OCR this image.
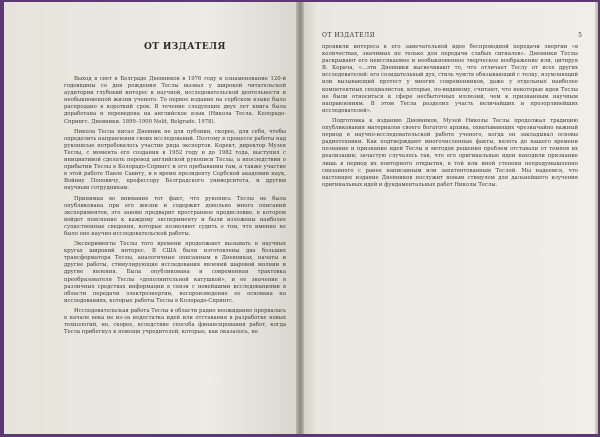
ОТ ИЗДАТЕЛЯ

Выход в свет в Белграде Дневников в 1976 году в ознаменование 120-й годовщины со дня рождения Теслы вызвал у широкой читательской аудитории глубокий интерес к научной, исследовательской деятельности и необыкновенной жизни ученого. То первое издание на сербском языке было распродано в короткий срок. В течение следующих двух лет книга была доработана и переведена на английское язык (Никола Тесла. Колорадо-Спрингс. Дневники. 1899–1900 Nolit, Belgrade. 1978).

Никола Тесла писал Дневник не для публики, скорее, для себя, чтобы определить направления своих исследований. Поэтому в процессе работы над рукописью потребовалось участие ряда экспертов. Корект, директор Музея Теслы, с момента его создания в 1952 году и до 1982 года, выступил с инициативой сделать перевод английской рукописи Теслы, а впоследствии о прибытии Теслы в Колорадо-Спрингс и его пребывании там, а также участие в этой работе Павле Савиту, и в время президенту Сербской академии наук, Войину Поповичу, профессору Белградского университета, и другим научным сотрудникам.

Принимая во внимание тот факт, что рукопись Теслы не была опубликована при его жизни и содержит довольно много описаний экспериментов, это заново предварит пространное предисловие, в котором войдет пояснение к каждому эксперименту и были изложены наиболее существенные сведения, которые позволяют судить о том, что именно не было оно научно-исследовательской работы.

Эксперименты Теслы того времени продолжают вызывать в научных кругах широкий интерес. В США были изготовлены два больших трансформатора Теслы, аналогичные описанным в Дневниках, начаты и другие работы, стимулирующие исследования явлений шаровой молнии и другие явления. Была опубликована и современная трактовка преобразователя Теслы «дополнительной катушкой», и ее значение в различных средствах информации в связи с новейшими исследованиями в области передачи электроэнергии, воспроизведение ее основана на исследованиях, которые работы Теслы в Колорадо-Спрингс.

Исследовательская работа Теслы в области радио неожиданно прервалась в начале века не из-за недостатка идей или отставания в разработке новых технологий, но, скорее, вследствие способа финансирования работ, когда Тесла прибегнул к помощи учредителей, которые, как оказалось, не

ОТ ИЗДАТЕЛЯ	5

проявили интереса к его замечательной идее беспроводной передачи энергии «в количествах, значимых не только для передачи слабых сигналов». Дневники Теслы раскрывают его неиссякаемое и необыкновенное творческое воображение или, цитируя В. Корача, «...эти Дневники высвечивают то, что отличает Теслу от всех других исследователей: его созидательный дух, стиль чувств обязывающий с толку, изумляющий или вызывающий протест у многих современников, даже у отдельных наиболее компетентных специалистов, которые, по-видимому, считают, что некоторые идеи Теслы не были относиться к сфере несбыточных иллюзий, чем к признанным научным направлениям. В этом Тесла разделил участь величайших и прозорливейших исследователей».

Подготовка к изданию Дневников, Музей Николы Теслы продолжал традицию опубликования материалов своего богатого архива, охватывающих чрезвычайно важный период в научно-исследовательской работе ученого, когда он закладывал основы радиотехники. Как подтверждают многочисленные факты, вплоть до нашего времени познание и признание идей Теслы и методов решения проблем отставали от темпов их реализации; зачастую случалось так, что его оригинальные идеи находили признание лишь в период их повторного открытия, в той или иной степени непредумышленно связанного с ранее написанным или запатентованным Теслой. Мы надеемся, что настоящее издание Дневников послужит новым стимулом для дальнейшего изучения оригинальных идей и фундаментальных работ Николы Теслы.
